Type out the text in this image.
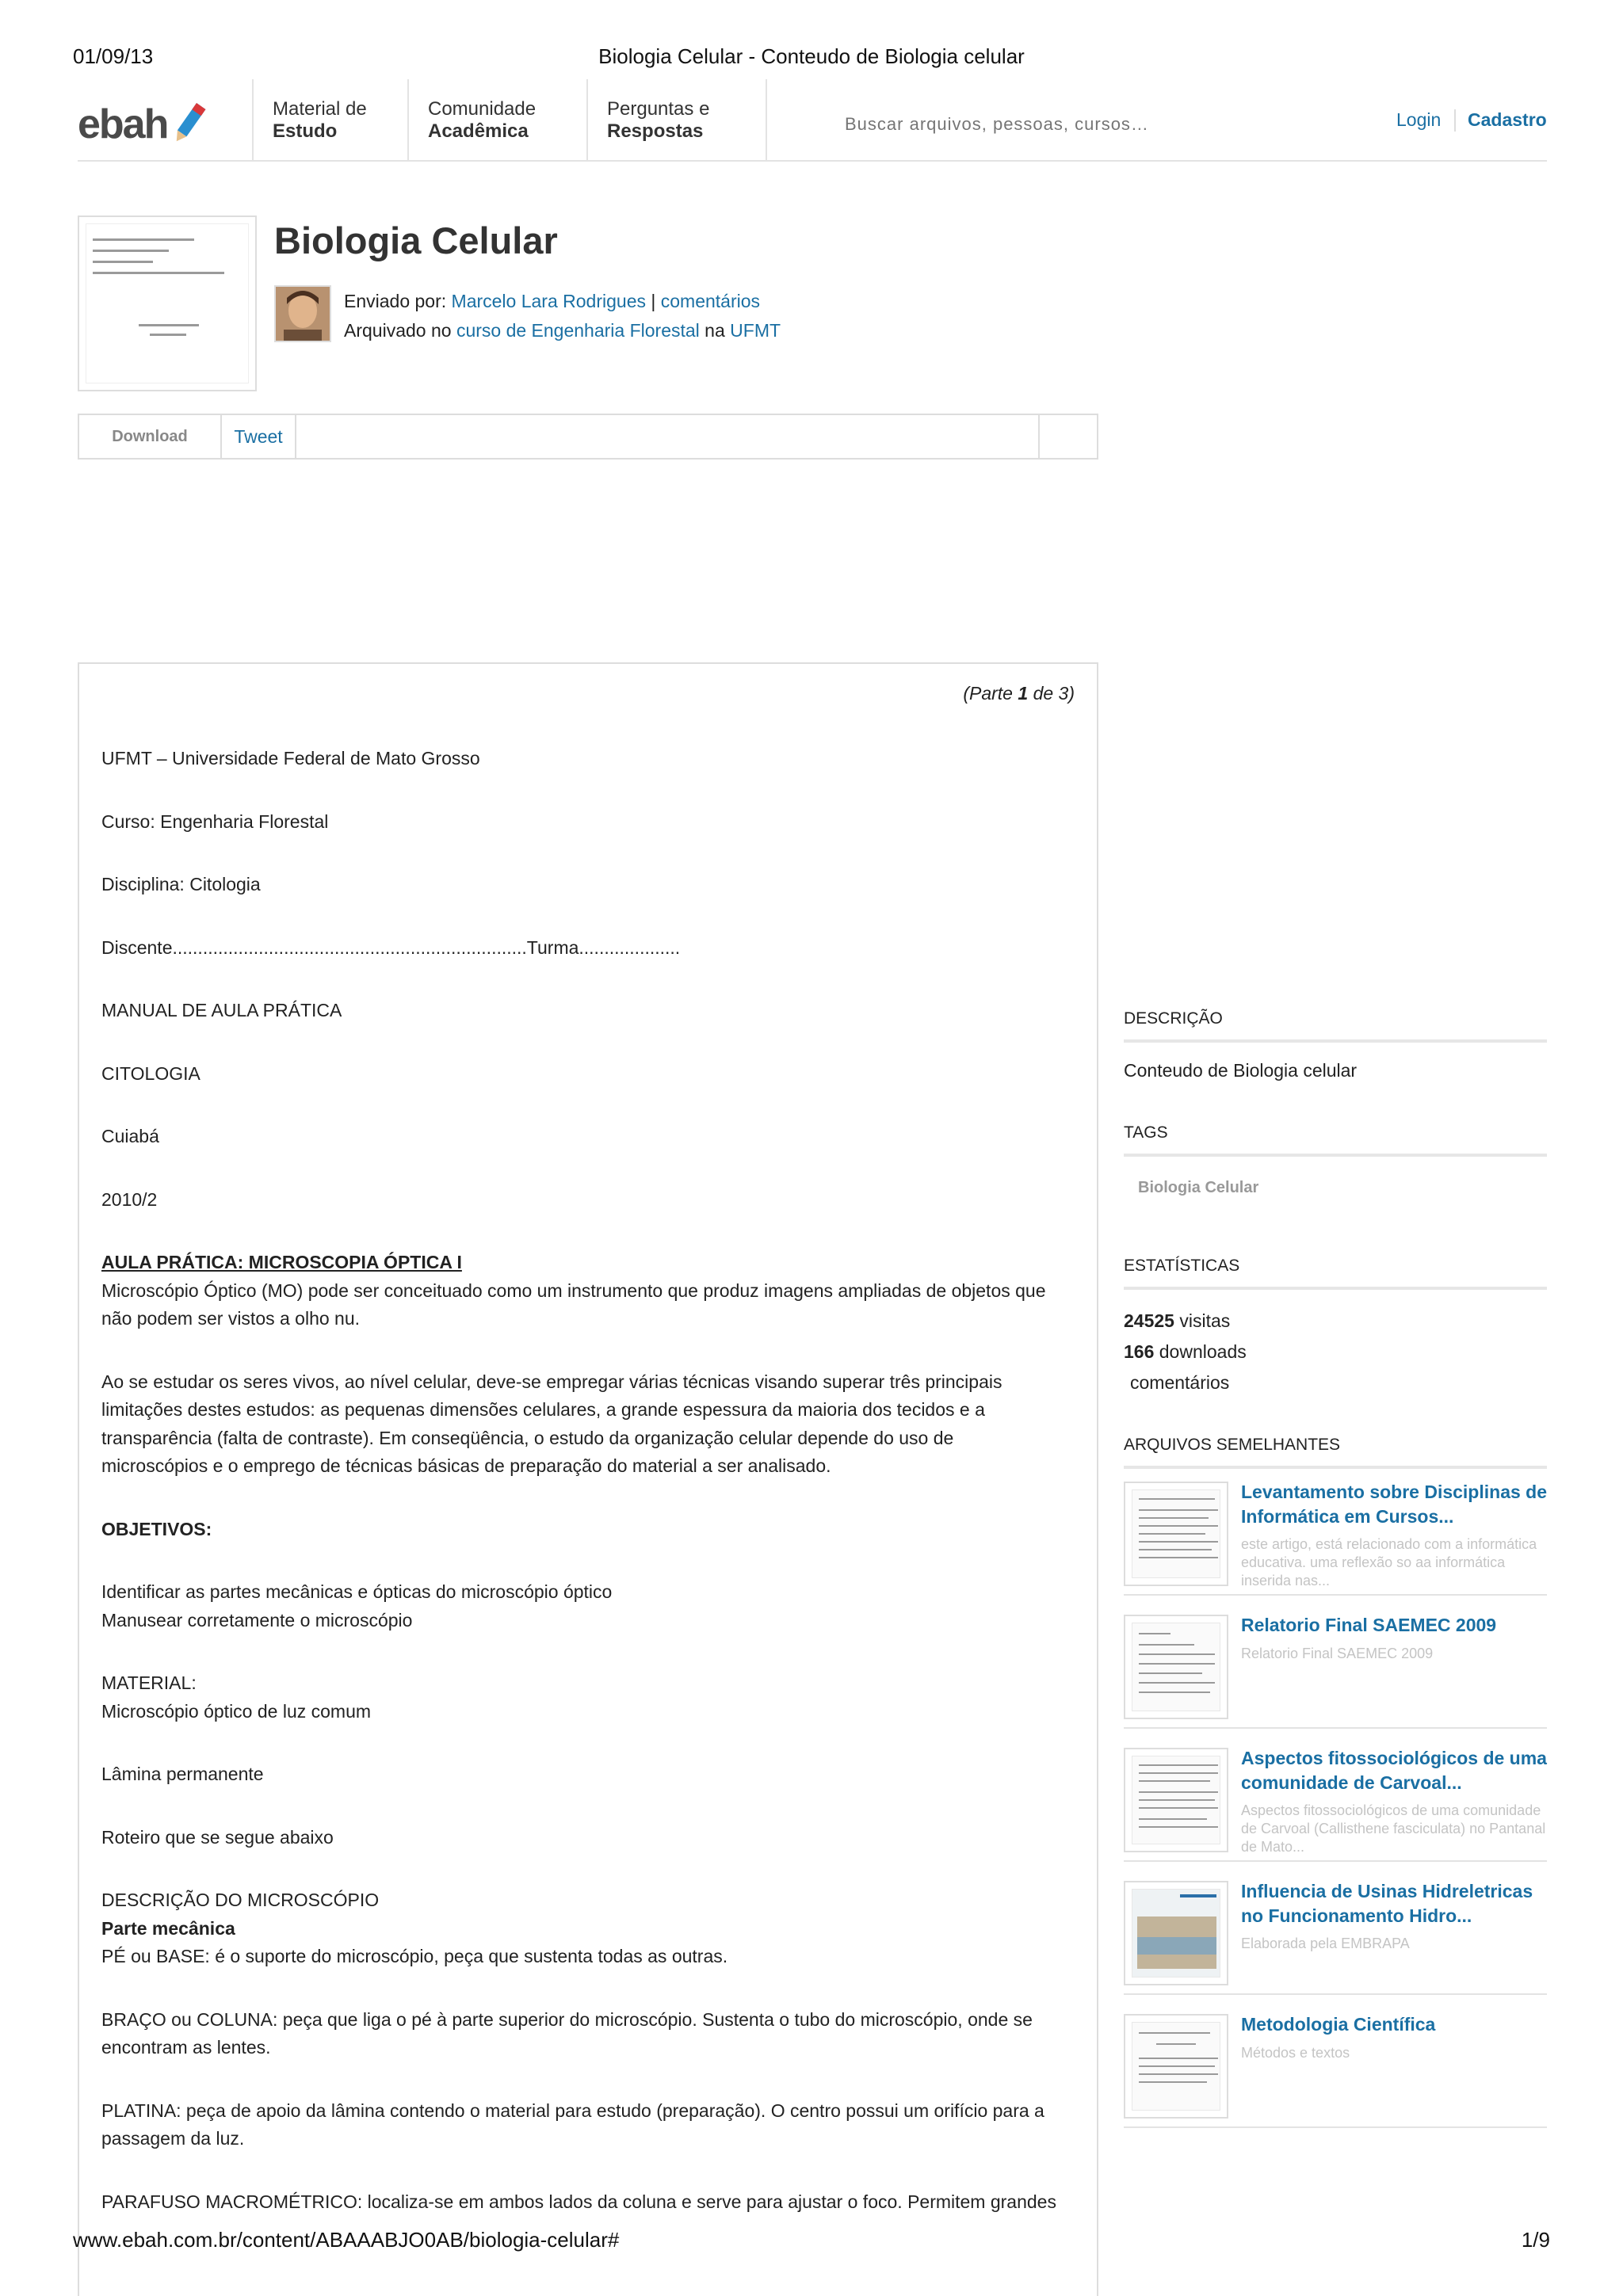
01/09/13	Biologia Celular - Conteudo de Biologia celular
ebah	Material de
Estudo
Comunidade
Acadêmica
Perguntas e
Respostas
Buscar arquivos, pessoas, cursos…
Login Cadastro
Biologia Celular
Enviado por: Marcelo Lara Rodrigues | comentários
Arquivado no curso de Engenharia Florestal na UFMT
Download	Tweet
(Parte 1 de 3)

UFMT – Universidade Federal de Mato Grosso

Curso: Engenharia Florestal

Disciplina: Citologia

Discente......................................................................Turma....................

MANUAL DE AULA PRÁTICA

CITOLOGIA

Cuiabá

2010/2

AULA PRÁTICA: MICROSCOPIA ÓPTICA I

Microscópio Óptico (MO) pode ser conceituado como um instrumento que produz imagens ampliadas de objetos que não podem ser vistos a olho nu.

Ao se estudar os seres vivos, ao nível celular, deve-se empregar várias técnicas visando superar três principais limitações destes estudos: as pequenas dimensões celulares, a grande espessura da maioria dos tecidos e a transparência (falta de contraste). Em conseqüência, o estudo da organização celular depende do uso de microscópios e o emprego de técnicas básicas de preparação do material a ser analisado.

OBJETIVOS:

Identificar as partes mecânicas e ópticas do microscópio óptico

Manusear corretamente o microscópio

MATERIAL:

Microscópio óptico de luz comum

Lâmina permanente

Roteiro que se segue abaixo

DESCRIÇÃO DO MICROSCÓPIO

Parte mecânica

PÉ ou BASE: é o suporte do microscópio, peça que sustenta todas as outras.

BRAÇO ou COLUNA: peça que liga o pé à parte superior do microscópio. Sustenta o tubo do microscópio, onde se encontram as lentes.

PLATINA: peça de apoio da lâmina contendo o material para estudo (preparação). O centro possui um orifício para a passagem da luz.

PARAFUSO MACROMÉTRICO: localiza-se em ambos lados da coluna e serve para ajustar o foco. Permitem grandes

DESCRIÇÃO
Conteudo de Biologia celular
TAGS
Biologia Celular
ESTATÍSTICAS
24525 visitas
166 downloads
comentários
ARQUIVOS SEMELHANTES
Levantamento sobre Disciplinas de Informática em Cursos...
este artigo, está relacionado com a informática educativa. uma reflexão so aa informática inserida nas...
Relatorio Final SAEMEC 2009
Relatorio Final SAEMEC 2009
Aspectos fitossociológicos de uma comunidade de Carvoal...
Aspectos fitossociológicos de uma comunidade de Carvoal (Callisthene fasciculata) no Pantanal de Mato...
Influencia de Usinas Hidreletricas no Funcionamento Hidro...
Elaborada pela EMBRAPA
Metodologia Científica
Métodos e textos
www.ebah.com.br/content/ABAAABJO0AB/biologia-celular#	1/9
